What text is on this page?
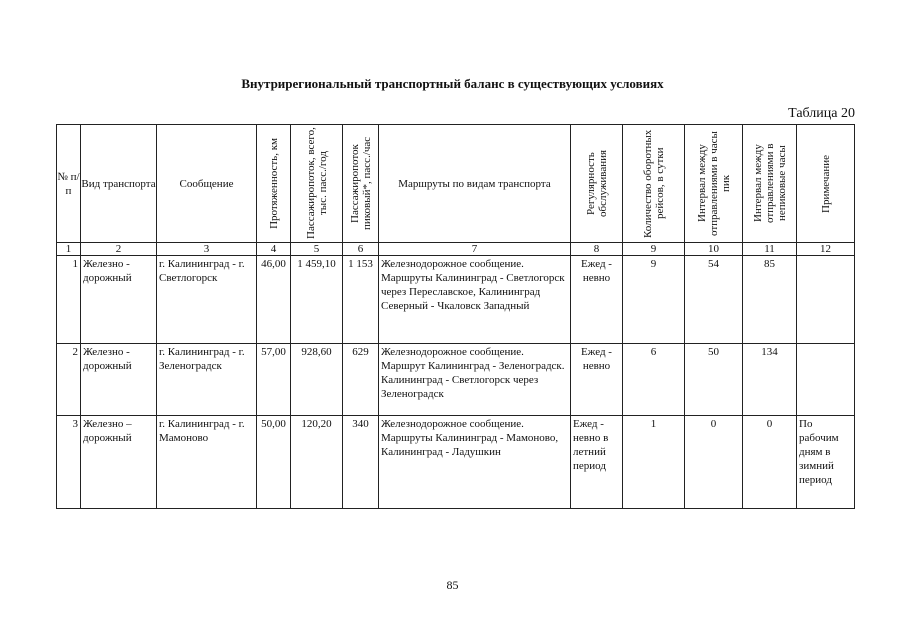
Внутрирегиональный транспортный баланс в существующих условиях
Таблица 20
№ п/п	Вид транспорта	Сообщение	Протяженность, км	Пассажиропоток, всего, тыс. пасс./год	Пассажиропоток пиковый*, пасс./час	Маршруты по видам транспорта	Регулярность обслуживания	Количество оборотных рейсов, в сутки	Интервал между отправлениями в часы пик	Интервал между отправлениями в непиковые часы	Примечание

1	2	3	4	5	6	7	8	9	10	11	12
1	Железно - дорожный	г. Калининград - г. Светлогорск	46,00	1 459,10	1 153	Железнодорожное сообщение. Маршруты Калининград - Светлогорск через Переславское, Калининград Северный - Чкаловск Западный	Ежед - невно	9	54	85	
2	Железно - дорожный	г. Калининград - г. Зеленоградск	57,00	928,60	629	Железнодорожное сообщение. Маршрут Калининград - Зеленоградск. Калининград - Светлогорск через Зеленоградск	Ежед - невно	6	50	134	
3	Железно – дорожный	г. Калининград - г. Мамоново	50,00	120,20	340	Железнодорожное сообщение. Маршруты Калининград - Мамоново, Калининград - Ладушкин	Ежед - невно в летний период	1	0	0	По рабочим дням в зимний период
85
